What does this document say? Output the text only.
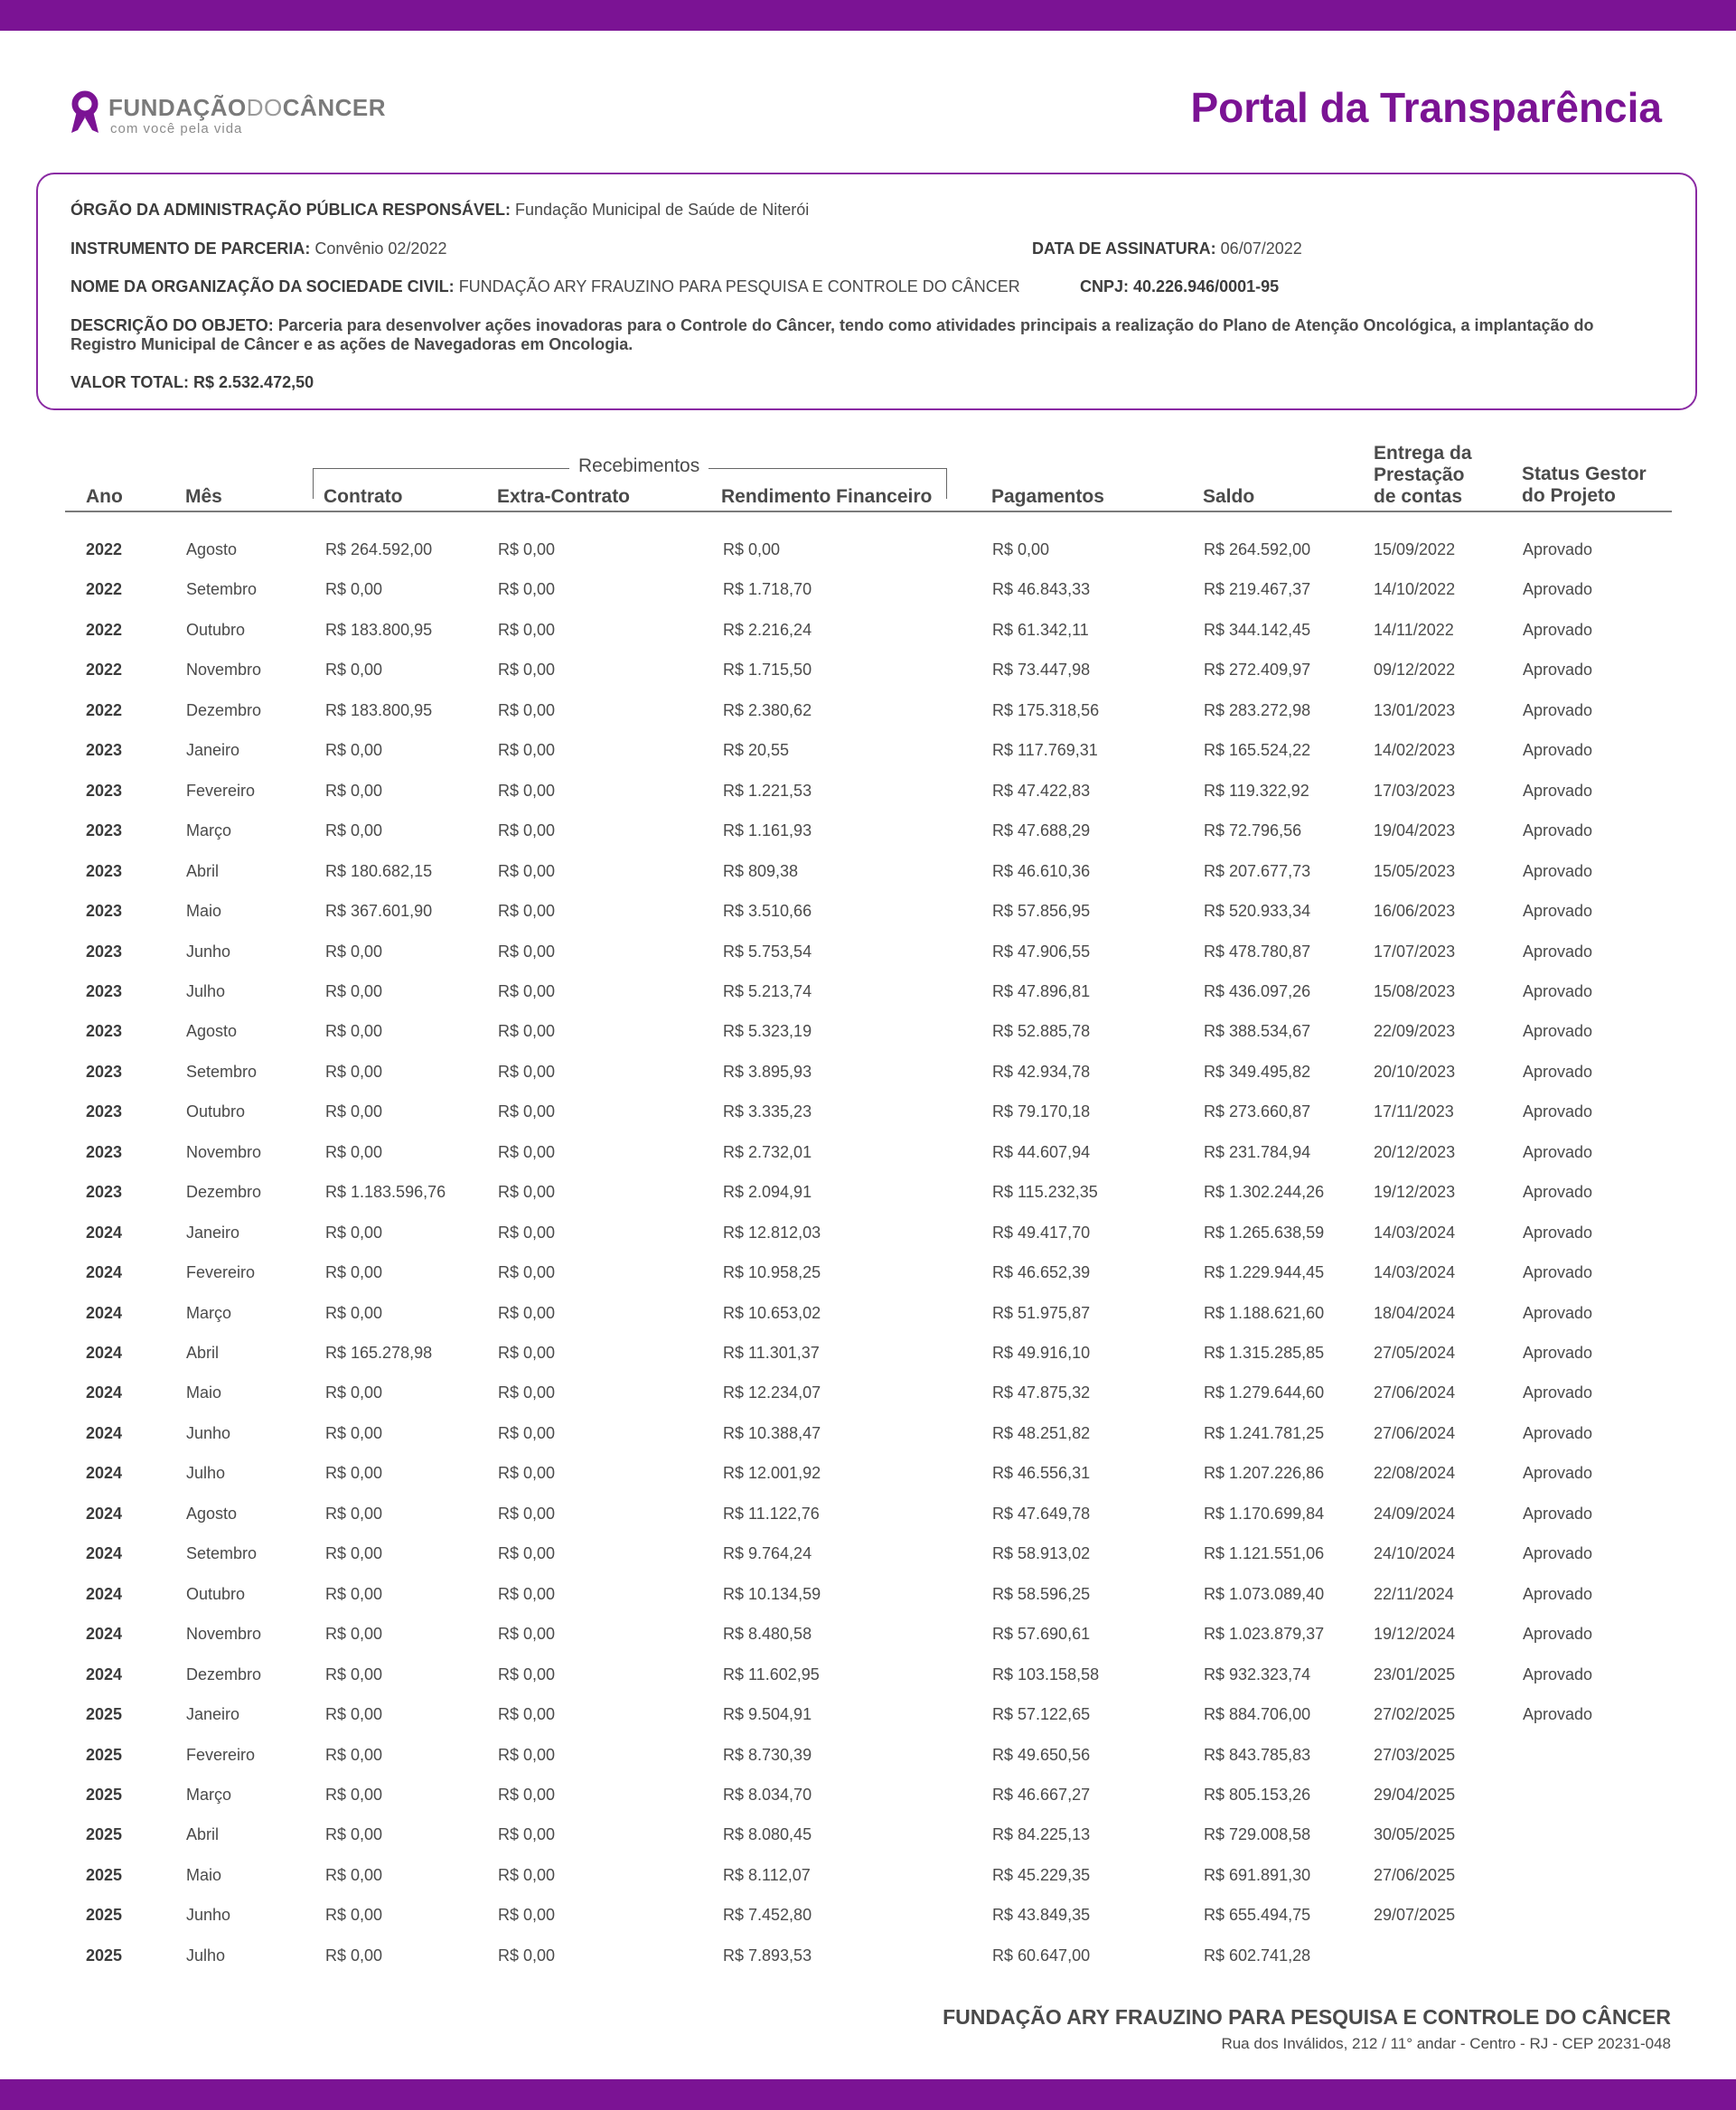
FUNDAÇÃODOCÂNCER
com você pela vida	Portal da Transparência
ÓRGÃO DA ADMINISTRAÇÃO PÚBLICA RESPONSÁVEL: Fundação Municipal de Saúde de Niterói
INSTRUMENTO DE PARCERIA: Convênio 02/2022	DATA DE ASSINATURA: 06/07/2022
NOME DA ORGANIZAÇÃO DA SOCIEDADE CIVIL: FUNDAÇÃO ARY FRAUZINO PARA PESQUISA E CONTROLE DO CÂNCER	CNPJ: 40.226.946/0001-95
DESCRIÇÃO DO OBJETO: Parceria para desenvolver ações inovadoras para o Controle do Câncer, tendo como atividades principais a realização do Plano de Atenção Oncológica, a implantação do Registro Municipal de Câncer e as ações de Navegadoras em Oncologia.
VALOR TOTAL: R$ 2.532.472,50
Recebimentos
Ano	Mês	Contrato	Extra-Contrato	Rendimento Financeiro	Pagamentos	Saldo
Entrega da Prestação de contas
Status Gestor do Projeto
2022	Agosto	R$ 264.592,00	R$ 0,00	R$ 0,00	R$ 0,00	R$ 264.592,00	15/09/2022	Aprovado
2022	Setembro	R$ 0,00	R$ 0,00	R$ 1.718,70	R$ 46.843,33	R$ 219.467,37	14/10/2022	Aprovado
2022	Outubro	R$ 183.800,95	R$ 0,00	R$ 2.216,24	R$ 61.342,11	R$ 344.142,45	14/11/2022	Aprovado
2022	Novembro	R$ 0,00	R$ 0,00	R$ 1.715,50	R$ 73.447,98	R$ 272.409,97	09/12/2022	Aprovado
2022	Dezembro	R$ 183.800,95	R$ 0,00	R$ 2.380,62	R$ 175.318,56	R$ 283.272,98	13/01/2023	Aprovado
2023	Janeiro	R$ 0,00	R$ 0,00	R$ 20,55	R$ 117.769,31	R$ 165.524,22	14/02/2023	Aprovado
2023	Fevereiro	R$ 0,00	R$ 0,00	R$ 1.221,53	R$ 47.422,83	R$ 119.322,92	17/03/2023	Aprovado
2023	Março	R$ 0,00	R$ 0,00	R$ 1.161,93	R$ 47.688,29	R$ 72.796,56	19/04/2023	Aprovado
2023	Abril	R$ 180.682,15	R$ 0,00	R$ 809,38	R$ 46.610,36	R$ 207.677,73	15/05/2023	Aprovado
2023	Maio	R$ 367.601,90	R$ 0,00	R$ 3.510,66	R$ 57.856,95	R$ 520.933,34	16/06/2023	Aprovado
2023	Junho	R$ 0,00	R$ 0,00	R$ 5.753,54	R$ 47.906,55	R$ 478.780,87	17/07/2023	Aprovado
2023	Julho	R$ 0,00	R$ 0,00	R$ 5.213,74	R$ 47.896,81	R$ 436.097,26	15/08/2023	Aprovado
2023	Agosto	R$ 0,00	R$ 0,00	R$ 5.323,19	R$ 52.885,78	R$ 388.534,67	22/09/2023	Aprovado
2023	Setembro	R$ 0,00	R$ 0,00	R$ 3.895,93	R$ 42.934,78	R$ 349.495,82	20/10/2023	Aprovado
2023	Outubro	R$ 0,00	R$ 0,00	R$ 3.335,23	R$ 79.170,18	R$ 273.660,87	17/11/2023	Aprovado
2023	Novembro	R$ 0,00	R$ 0,00	R$ 2.732,01	R$ 44.607,94	R$ 231.784,94	20/12/2023	Aprovado
2023	Dezembro	R$ 1.183.596,76	R$ 0,00	R$ 2.094,91	R$ 115.232,35	R$ 1.302.244,26	19/12/2023	Aprovado
2024	Janeiro	R$ 0,00	R$ 0,00	R$ 12.812,03	R$ 49.417,70	R$ 1.265.638,59	14/03/2024	Aprovado
2024	Fevereiro	R$ 0,00	R$ 0,00	R$ 10.958,25	R$ 46.652,39	R$ 1.229.944,45	14/03/2024	Aprovado
2024	Março	R$ 0,00	R$ 0,00	R$ 10.653,02	R$ 51.975,87	R$ 1.188.621,60	18/04/2024	Aprovado
2024	Abril	R$ 165.278,98	R$ 0,00	R$ 11.301,37	R$ 49.916,10	R$ 1.315.285,85	27/05/2024	Aprovado
2024	Maio	R$ 0,00	R$ 0,00	R$ 12.234,07	R$ 47.875,32	R$ 1.279.644,60	27/06/2024	Aprovado
2024	Junho	R$ 0,00	R$ 0,00	R$ 10.388,47	R$ 48.251,82	R$ 1.241.781,25	27/06/2024	Aprovado
2024	Julho	R$ 0,00	R$ 0,00	R$ 12.001,92	R$ 46.556,31	R$ 1.207.226,86	22/08/2024	Aprovado
2024	Agosto	R$ 0,00	R$ 0,00	R$ 11.122,76	R$ 47.649,78	R$ 1.170.699,84	24/09/2024	Aprovado
2024	Setembro	R$ 0,00	R$ 0,00	R$ 9.764,24	R$ 58.913,02	R$ 1.121.551,06	24/10/2024	Aprovado
2024	Outubro	R$ 0,00	R$ 0,00	R$ 10.134,59	R$ 58.596,25	R$ 1.073.089,40	22/11/2024	Aprovado
2024	Novembro	R$ 0,00	R$ 0,00	R$ 8.480,58	R$ 57.690,61	R$ 1.023.879,37	19/12/2024	Aprovado
2024	Dezembro	R$ 0,00	R$ 0,00	R$ 11.602,95	R$ 103.158,58	R$ 932.323,74	23/01/2025	Aprovado
2025	Janeiro	R$ 0,00	R$ 0,00	R$ 9.504,91	R$ 57.122,65	R$ 884.706,00	27/02/2025	Aprovado
2025	Fevereiro	R$ 0,00	R$ 0,00	R$ 8.730,39	R$ 49.650,56	R$ 843.785,83	27/03/2025
2025	Março	R$ 0,00	R$ 0,00	R$ 8.034,70	R$ 46.667,27	R$ 805.153,26	29/04/2025
2025	Abril	R$ 0,00	R$ 0,00	R$ 8.080,45	R$ 84.225,13	R$ 729.008,58	30/05/2025
2025	Maio	R$ 0,00	R$ 0,00	R$ 8.112,07	R$ 45.229,35	R$ 691.891,30	27/06/2025
2025	Junho	R$ 0,00	R$ 0,00	R$ 7.452,80	R$ 43.849,35	R$ 655.494,75	29/07/2025
2025	Julho	R$ 0,00	R$ 0,00	R$ 7.893,53	R$ 60.647,00	R$ 602.741,28
FUNDAÇÃO ARY FRAUZINO PARA PESQUISA E CONTROLE DO CÂNCER
Rua dos Inválidos, 212 / 11° andar - Centro - RJ - CEP 20231-048
